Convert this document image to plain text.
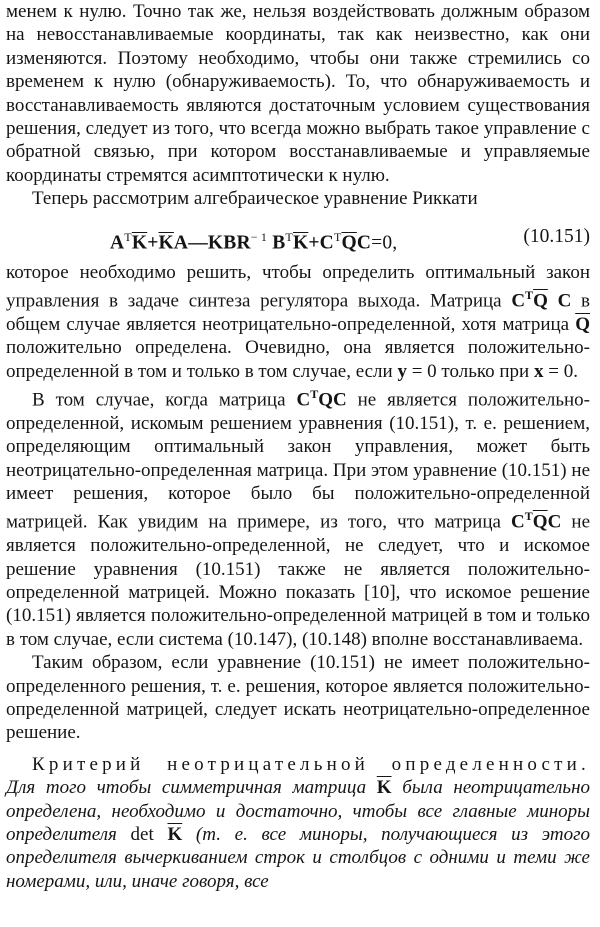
менем к нулю. Точно так же, нельзя воздействовать должным образом на невосстанавливаемые координаты, так как неизвестно, как они изменяются. Поэтому необходимо, чтобы они также стремились со временем к нулю (обнаруживаемость). То, что обнаруживаемость и восстанавливаемость являются достаточным условием существования решения, следует из того, что всегда можно выбрать такое управление с обратной связью, при котором восстанавливаемые и управляемые координаты стремятся асимптотически к нулю.

Теперь рассмотрим алгебраическое уравнение Риккати

$A^T\overline{K}+\overline{K}A—KBR^{- 1}$ $B^T\overline{K}+C^T\overline{Q}C=0$,	(10.151)

которое необходимо решить, чтобы определить оптимальный закон управления в задаче синтеза регулятора выхода. Матрица $C^T\overline{Q}$ C в общем случае является неотрицательно-определенной, хотя матрица $\overline{Q}$ положительно определена. Очевидно, она является положительно-определенной в том и только в том случае, если y = 0 только при x = 0.

В том случае, когда матрица $C^TQC$ не является положительно-определенной, искомым решением уравнения (10.151), т. е. решением, определяющим оптимальный закон управления, может быть неотрицательно-определенная матрица. При этом уравнение (10.151) не имеет решения, которое было бы положительно-определенной матрицей. Как увидим на примере, из того, что матрица $C^T\overline{Q}C$ не является положительно-определенной, не следует, что и искомое решение уравнения (10.151) также не является положительно-определенной матрицей. Можно показать [10], что искомое решение (10.151) является положительно-определенной матрицей в том и только в том случае, если система (10.147), (10.148) вполне восстанавливаема.

Таким образом, если уравнение (10.151) не имеет положительно-определенного решения, т. е. решения, которое является положительно-определенной матрицей, следует искать неотрицательно-определенное решение.

Критерий неотрицательной определенности. Для того чтобы симметричная матрица $\overline{K}$ была неотрицательно определена, необходимо и достаточно, чтобы все главные миноры определителя $\det \overline{K}$ (т. е. все миноры, получающиеся из этого определителя вычеркиванием строк и столбцов с одними и теми же номерами, или, иначе говоря, все
